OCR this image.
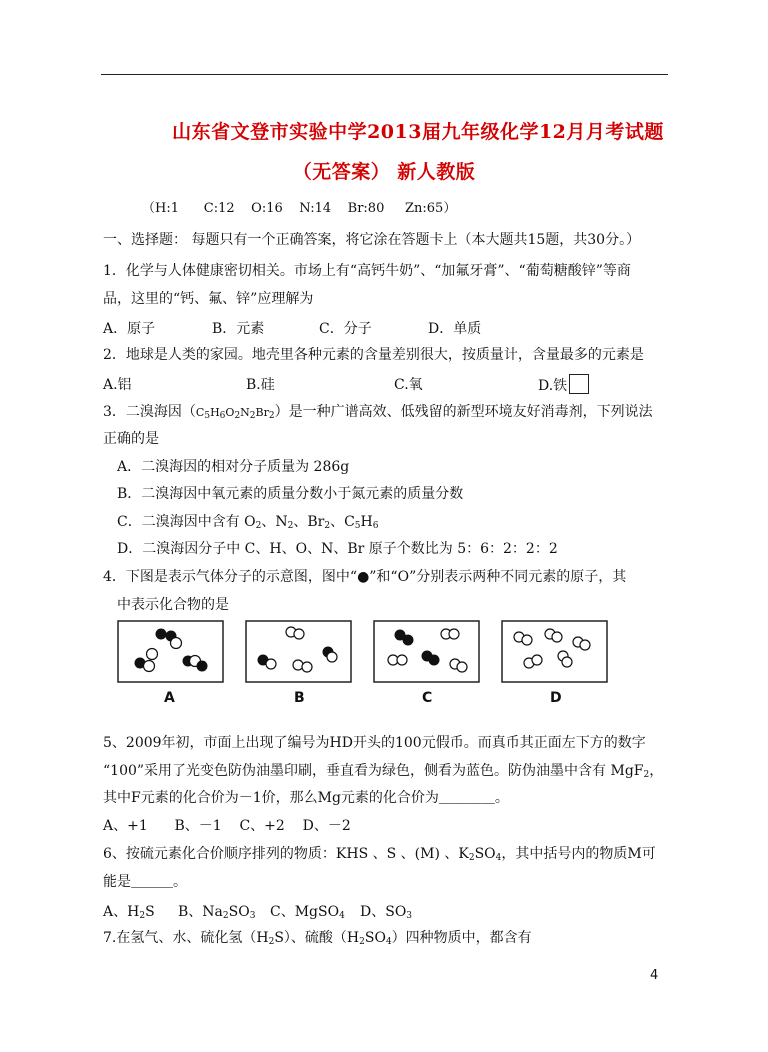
山东省文登市实验中学2013届九年级化学12月月考试题
（无答案） 新人教版
（H:1      C:12    O:16    N:14    Br:80     Zn:65）
一、选择题： 每题只有一个正确答案，将它涂在答题卡上（本大题共15题，共30分。）
1．化学与人体健康密切相关。市场上有“高钙牛奶”、“加氟牙膏”、“葡萄糖酸锌”等商
品，这里的“钙、氟、锌”应理解为
A．原子	B．元素	C．分子	D．单质
2．地球是人类的家园。地壳里各种元素的含量差别很大，按质量计，含量最多的元素是
A.铝	B.硅	C.氧	D.铁
3．二溴海因$(C_5H_6O_2N_2Br_2)$是一种广谱高效、低残留的新型环境友好消毒剂，下列说法
正确的是
A．二溴海因的相对分子质量为 286g
B．二溴海因中氧元素的质量分数小于氮元素的质量分数
C．二溴海因中含有 $O_2$、$N_2$、$Br_2$、$C_5H_6$
D．二溴海因分子中 C、H、O、N、Br 原子个数比为 5：6：2：2：2
4．下图是表示气体分子的示意图，图中“●”和“O”分别表示两种不同元素的原子，其
中表示化合物的是
A	B	C	D
5、2009年初，市面上出现了编号为HD开头的100元假币。而真币其正面左下方的数字
“100”采用了光变色防伪油墨印刷，垂直看为绿色，侧看为蓝色。防伪油墨中含有 MgF$_2$，
其中F元素的化合价为－1价，那么Mg元素的化合价为＿＿＿＿。
A、+1      B、－1    C、+2    D、－2
6、按硫元素化合价顺序排列的物质：KHS 、S 、(M) 、$K_2SO_4$，其中括号内的物质M可
能是＿＿＿。
A、$H_2S$ B、$Na_2SO_3$ C、MgSO$_4$ D、$SO_3$
7.在氢气、水、硫化氢$(H_2S)$、硫酸$(H_2SO_4)$四种物质中，都含有
4
